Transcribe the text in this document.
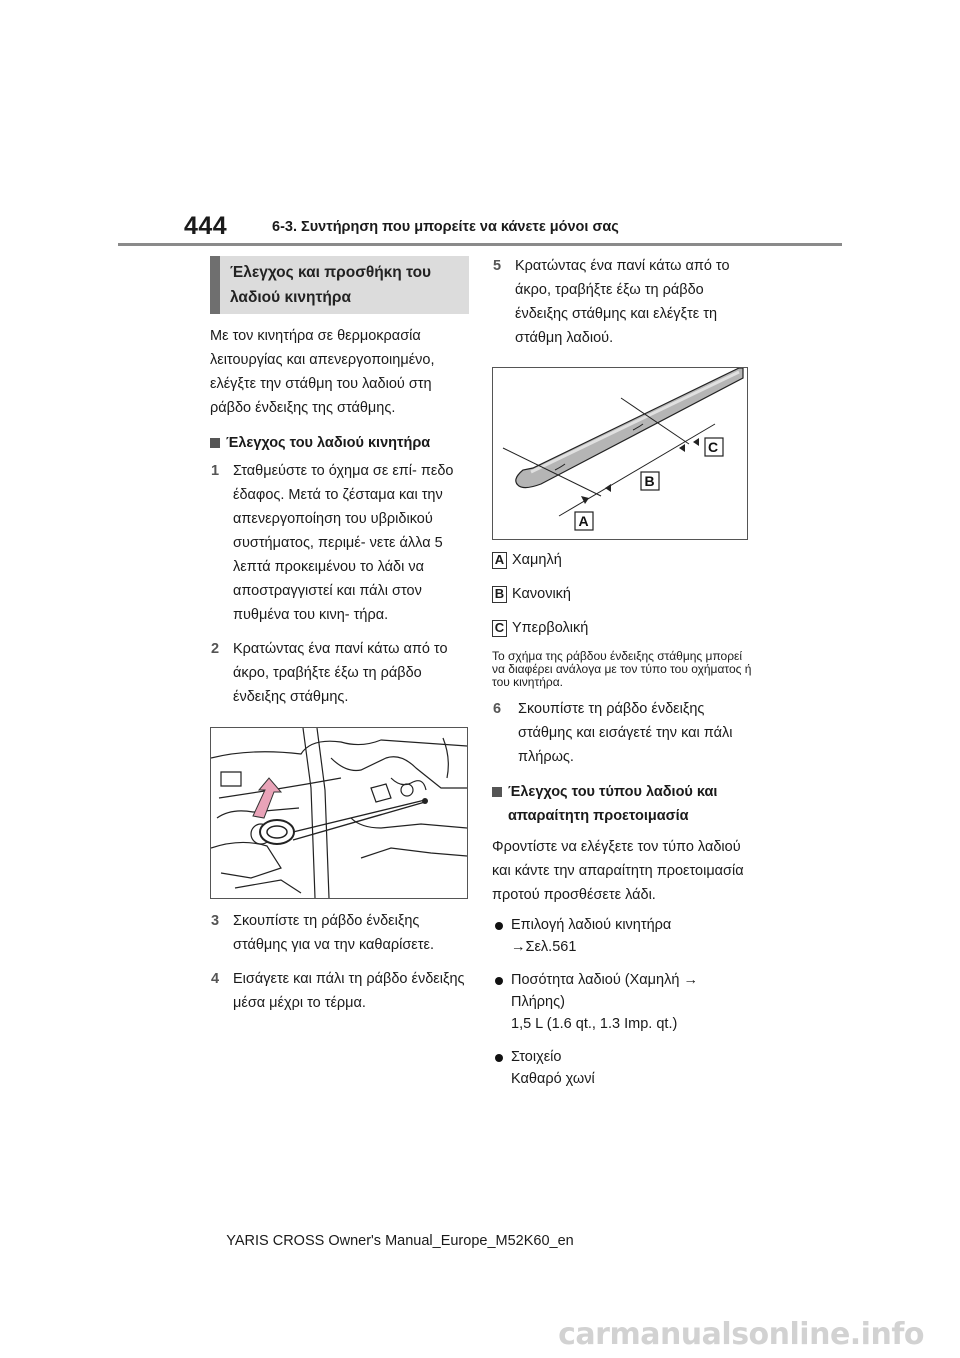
444	6-3. Συντήρηση που μπορείτε να κάνετε μόνοι σας
Έλεγχος και προσθήκη του
λαδιού κινητήρα

Με τον κινητήρα σε θερμοκρασία λειτουργίας και απενεργοποιημένο, ελέγξτε την στάθμη του λαδιού στη ράβδο ένδειξης της στάθμης.

Έλεγχος του λαδιού κινητήρα
1 Σταθμεύστε το όχημα σε επί- πεδο έδαφος. Μετά το ζέσταμα και την απενεργοποίηση του υβριδικού συστήματος, περιμέ- νετε άλλα 5 λεπτά προκειμένου το λάδι να αποστραγγιστεί και πάλι στον πυθμένα του κινη- τήρα.
2 Κρατώντας ένα πανί κάτω από το άκρο, τραβήξτε έξω τη ράβδο ένδειξης στάθμης.
3 Σκουπίστε τη ράβδο ένδειξης στάθμης για να την καθαρίσετε.
4 Εισάγετε και πάλι τη ράβδο ένδειξης μέσα μέχρι το τέρμα.
5 Κρατώντας ένα πανί κάτω από το άκρο, τραβήξτε έξω τη ράβδο ένδειξης στάθμης και ελέγξτε τη στάθμη λαδιού.
A
B
C
A Χαμηλή
B Κανονική
C Υπερβολική
Το σχήμα της ράβδου ένδειξης στάθμης μπορεί να διαφέρει ανάλογα με τον τύπο του οχήματος ή του κινητήρα.
6	Σκουπίστε τη ράβδο ένδειξης στάθμης και εισάγετέ την και πάλι πλήρως.
Έλεγχος του τύπου λαδιού και απαραίτητη προετοιμασία

Φροντίστε να ελέγξετε τον τύπο λαδιού και κάντε την απαραίτητη προετοιμασία προτού προσθέσετε λάδι.

Επιλογή λαδιού κινητήρα
→Σελ.561
Ποσότητα λαδιού (Χαμηλή →
Πλήρης)
1,5 L (1.6 qt., 1.3 Imp. qt.)
Στοιχείο
Καθαρό χωνί
YARIS CROSS Owner's Manual_Europe_M52K60_en
carmanualsonline.info
